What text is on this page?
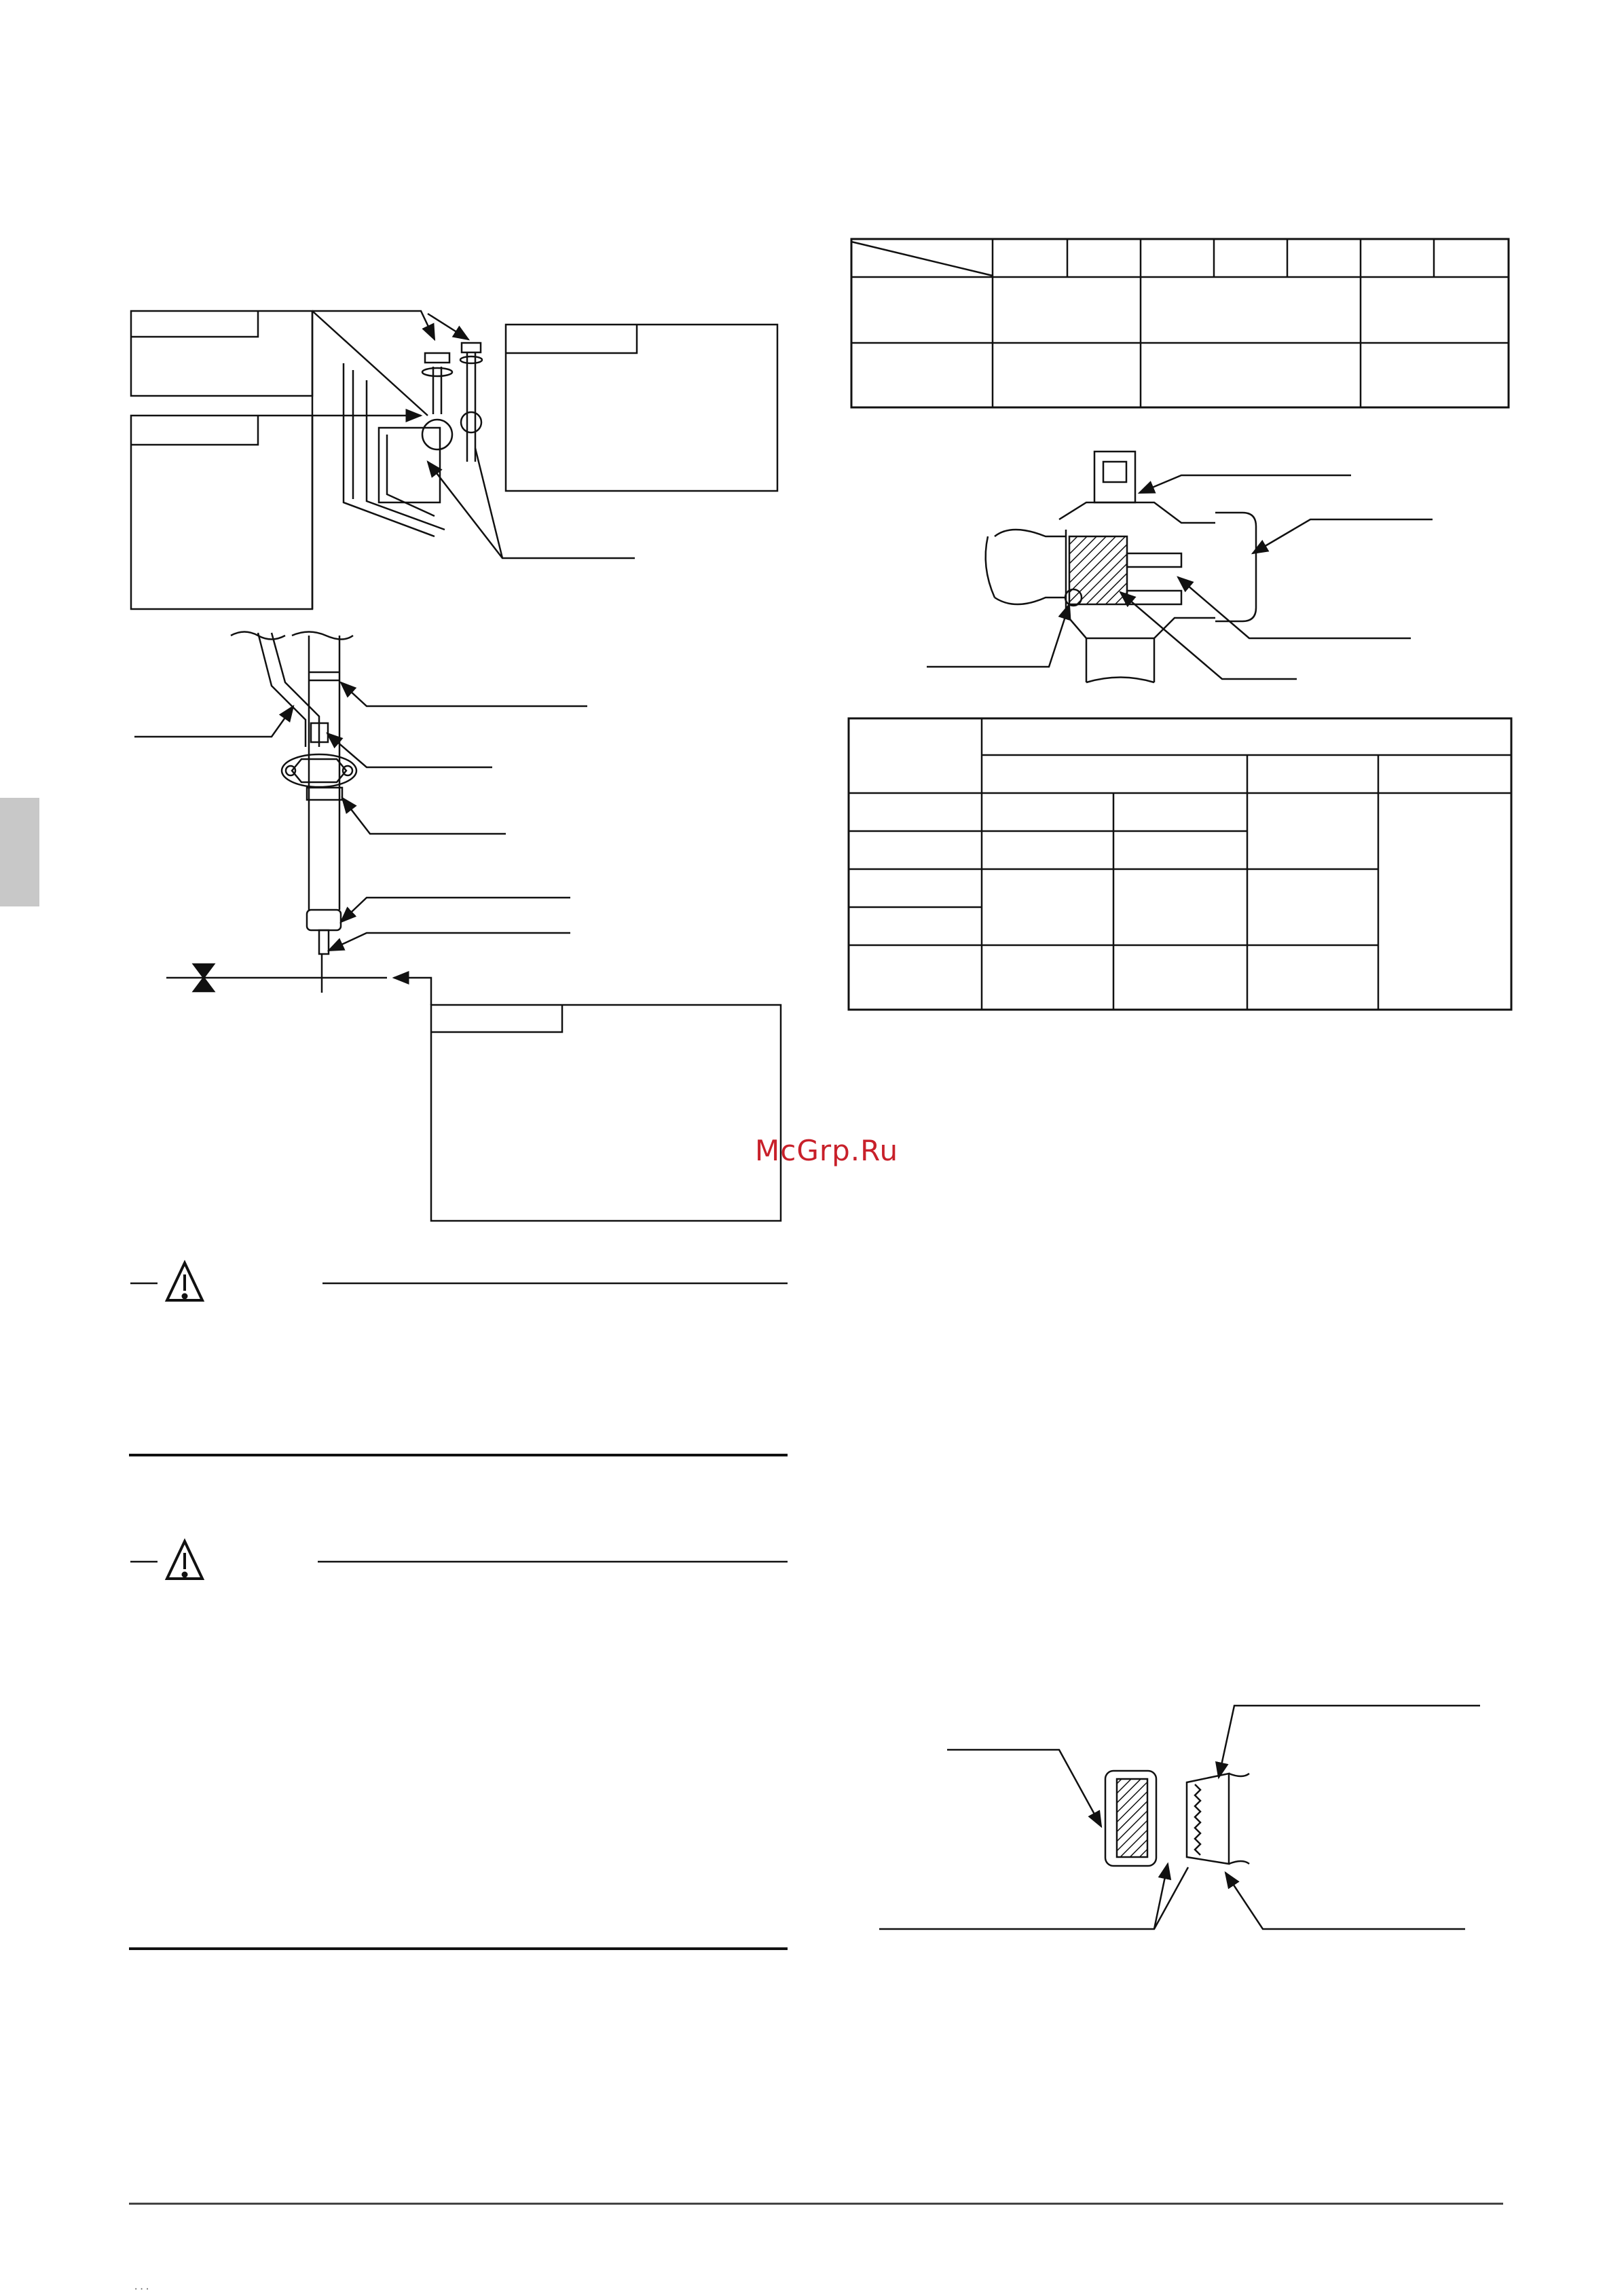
McGrp.Ru
...
